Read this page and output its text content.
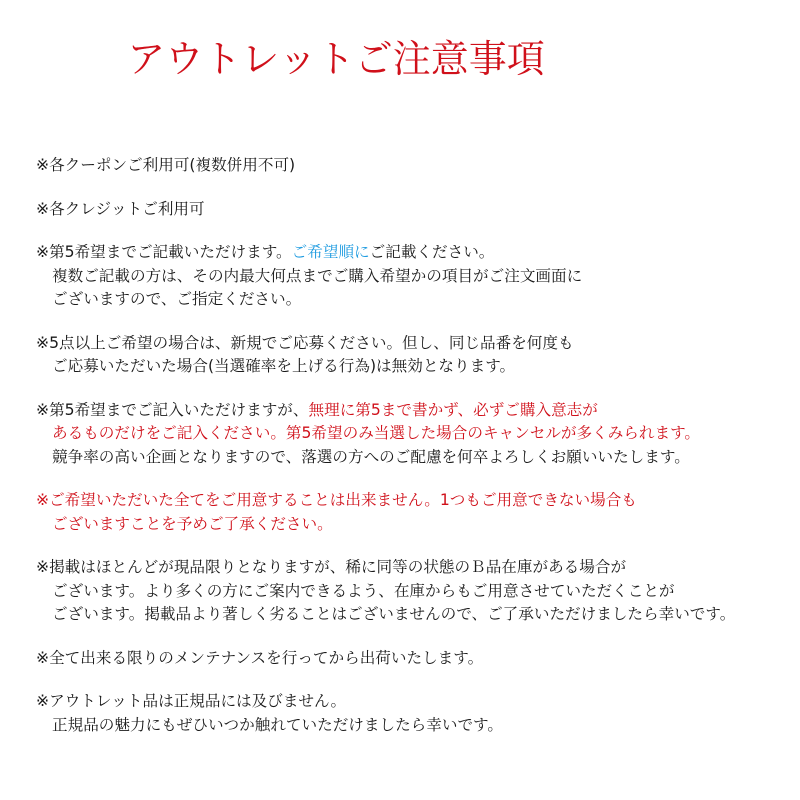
アウトレットご注意事項
※各クーポンご利用可(複数併用不可)
※各クレジットご利用可
※第5希望までご記載いただけます。ご希望順にご記載ください。
複数ご記載の方は、その内最大何点までご購入希望かの項目がご注文画面に
ございますので、ご指定ください。
※5点以上ご希望の場合は、新規でご応募ください。但し、同じ品番を何度も
ご応募いただいた場合(当選確率を上げる行為)は無効となります。
※第5希望までご記入いただけますが、無理に第5まで書かず、必ずご購入意志が
あるものだけをご記入ください。第5希望のみ当選した場合のキャンセルが多くみられます。
競争率の高い企画となりますので、落選の方へのご配慮を何卒よろしくお願いいたします。
※ご希望いただいた全てをご用意することは出来ません。1つもご用意できない場合も
ございますことを予めご了承ください。
※掲載はほとんどが現品限りとなりますが、稀に同等の状態のＢ品在庫がある場合が
ございます。より多くの方にご案内できるよう、在庫からもご用意させていただくことが
ございます。掲載品より著しく劣ることはございませんので、ご了承いただけましたら幸いです。
※全て出来る限りのメンテナンスを行ってから出荷いたします。
※アウトレット品は正規品には及びません。
正規品の魅力にもぜひいつか触れていただけましたら幸いです。
